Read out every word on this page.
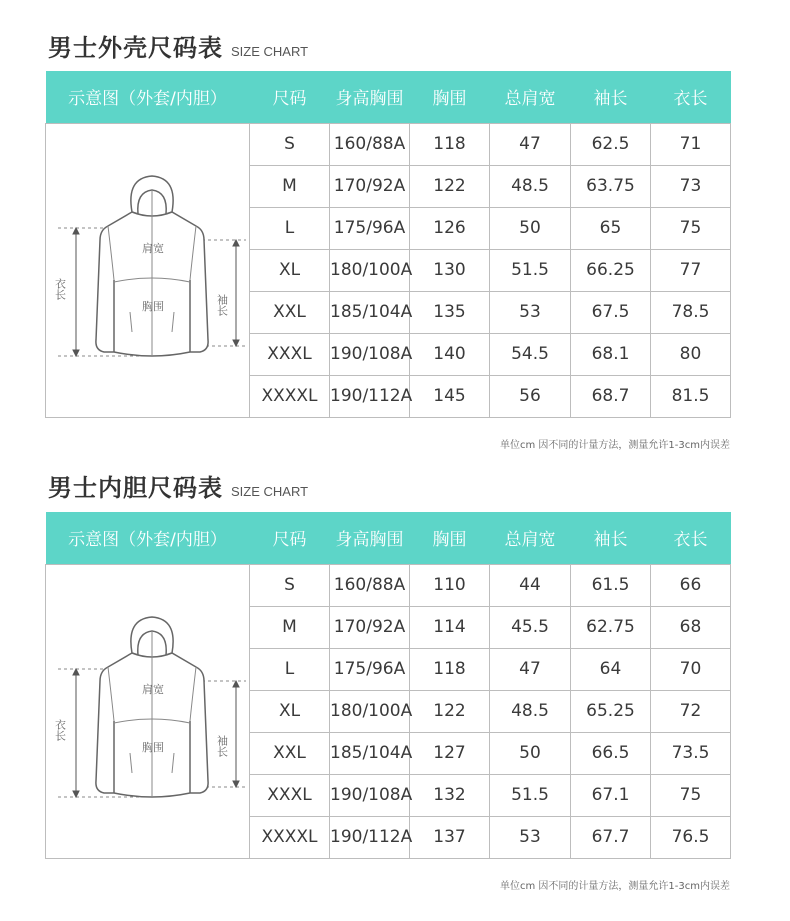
男士外壳尺码表 SIZE CHART
示意图（外套/内胆）	尺码	身高胸围	胸围	总肩宽	袖长	衣长

肩宽
胸围
衣长
袖长	S	160/88A	118	47	62.5	71
	M	170/92A	122	48.5	63.75	73
	L	175/96A	126	50	65	75
	XL	180/100A	130	51.5	66.25	77
	XXL	185/104A	135	53	67.5	78.5
	XXXL	190/108A	140	54.5	68.1	80
	XXXXL	190/112A	145	56	68.7	81.5
单位cm 因不同的计量方法，测量允许1-3cm内误差
男士内胆尺码表 SIZE CHART
示意图（外套/内胆）	尺码	身高胸围	胸围	总肩宽	袖长	衣长

肩宽
胸围
衣长
袖长	S	160/88A	110	44	61.5	66
	M	170/92A	114	45.5	62.75	68
	L	175/96A	118	47	64	70
	XL	180/100A	122	48.5	65.25	72
	XXL	185/104A	127	50	66.5	73.5
	XXXL	190/108A	132	51.5	67.1	75
	XXXXL	190/112A	137	53	67.7	76.5
单位cm 因不同的计量方法，测量允许1-3cm内误差
